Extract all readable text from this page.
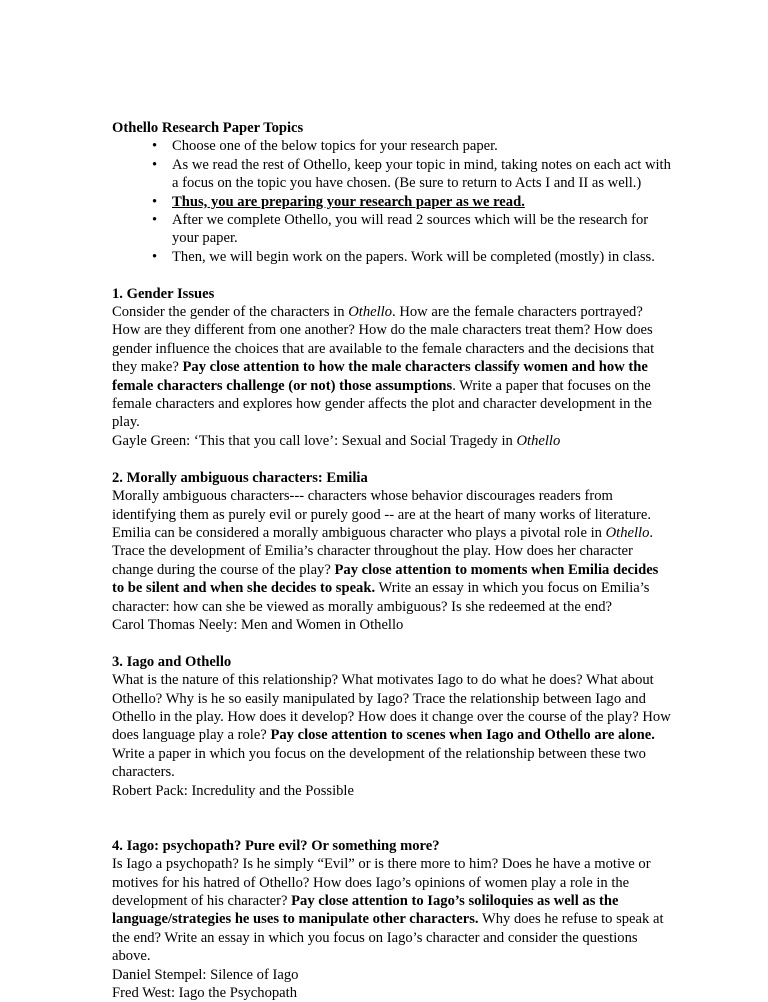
Othello Research Paper Topics
• Choose one of the below topics for your research paper.
• As we read the rest of Othello, keep your topic in mind, taking notes on each act with a focus on the topic you have chosen. (Be sure to return to Acts I and II as well.)
• Thus, you are preparing your research paper as we read.
• After we complete Othello, you will read 2 sources which will be the research for your paper.
• Then, we will begin work on the papers. Work will be completed (mostly) in class.
1. Gender Issues
Consider the gender of the characters in Othello. How are the female characters portrayed? How are they different from one another? How do the male characters treat them? How does gender influence the choices that are available to the female characters and the decisions that they make? Pay close attention to how the male characters classify women and how the female characters challenge (or not) those assumptions. Write a paper that focuses on the female characters and explores how gender affects the plot and character development in the play.
Gayle Green: ‘This that you call love’: Sexual and Social Tragedy in Othello
2. Morally ambiguous characters: Emilia
Morally ambiguous characters--- characters whose behavior discourages readers from identifying them as purely evil or purely good -- are at the heart of many works of literature. Emilia can be considered a morally ambiguous character who plays a pivotal role in Othello. Trace the development of Emilia’s character throughout the play. How does her character change during the course of the play? Pay close attention to moments when Emilia decides to be silent and when she decides to speak. Write an essay in which you focus on Emilia’s character: how can she be viewed as morally ambiguous? Is she redeemed at the end?
Carol Thomas Neely: Men and Women in Othello
3. Iago and Othello
What is the nature of this relationship? What motivates Iago to do what he does? What about Othello? Why is he so easily manipulated by Iago? Trace the relationship between Iago and Othello in the play. How does it develop? How does it change over the course of the play? How does language play a role? Pay close attention to scenes when Iago and Othello are alone. Write a paper in which you focus on the development of the relationship between these two characters.
Robert Pack: Incredulity and the Possible
4. Iago: psychopath? Pure evil? Or something more?
Is Iago a psychopath? Is he simply “Evil” or is there more to him? Does he have a motive or motives for his hatred of Othello? How does Iago’s opinions of women play a role in the development of his character? Pay close attention to Iago’s soliloquies as well as the language/strategies he uses to manipulate other characters. Why does he refuse to speak at the end? Write an essay in which you focus on Iago’s character and consider the questions above.
Daniel Stempel: Silence of Iago
Fred West: Iago the Psychopath
